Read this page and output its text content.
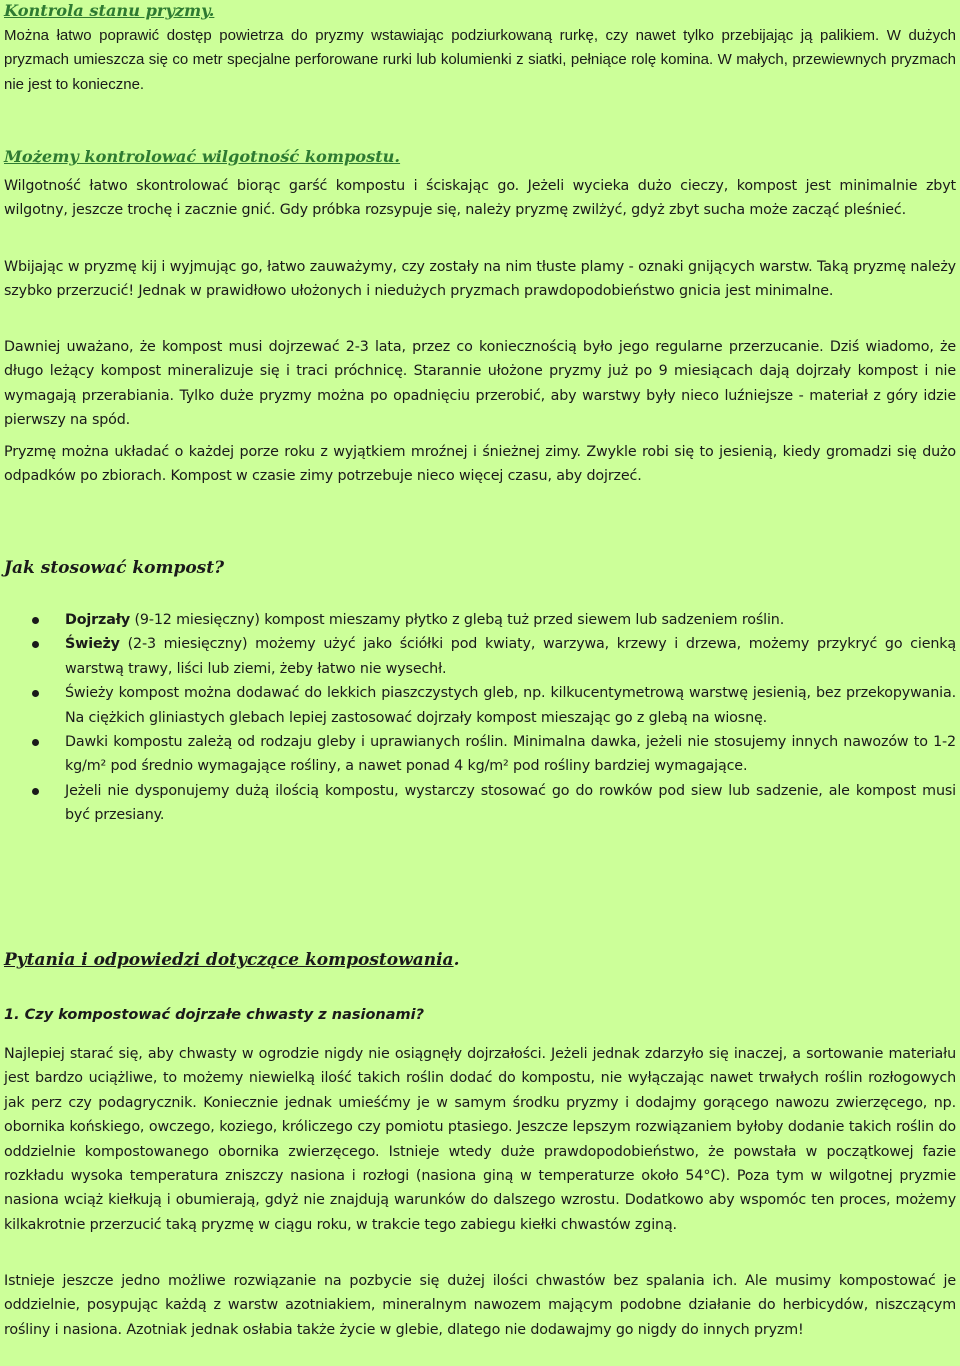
Kontrola stanu pryzmy.

Można łatwo poprawić dostęp powietrza do pryzmy wstawiając podziurkowaną rurkę, czy nawet tylko przebijając ją palikiem. W dużych pryzmach umieszcza się co metr specjalne perforowane rurki lub kolumienki z siatki, pełniące rolę komina. W małych, przewiewnych pryzmach nie jest to konieczne.

Możemy kontrolować wilgotność kompostu.

Wilgotność łatwo skontrolować biorąc garść kompostu i ściskając go. Jeżeli wycieka dużo cieczy, kompost jest minimalnie zbyt wilgotny, jeszcze trochę i zacznie gnić. Gdy próbka rozsypuje się, należy pryzmę zwilżyć, gdyż zbyt sucha może zacząć pleśnieć.

Wbijając w pryzmę kij i wyjmując go, łatwo zauważymy, czy zostały na nim tłuste plamy - oznaki gnijących warstw. Taką pryzmę należy szybko przerzucić! Jednak w prawidłowo ułożonych i niedużych pryzmach prawdopodobieństwo gnicia jest minimalne.

Dawniej uważano, że kompost musi dojrzewać 2-3 lata, przez co koniecznością było jego regularne przerzucanie. Dziś wiadomo, że długo leżący kompost mineralizuje się i traci próchnicę. Starannie ułożone pryzmy już po 9 miesiącach dają dojrzały kompost i nie wymagają przerabiania. Tylko duże pryzmy można po opadnięciu przerobić, aby warstwy były nieco luźniejsze - materiał z góry idzie pierwszy na spód.

Pryzmę można układać o każdej porze roku z wyjątkiem mroźnej i śnieżnej zimy. Zwykle robi się to jesienią, kiedy gromadzi się dużo odpadków po zbiorach. Kompost w czasie zimy potrzebuje nieco więcej czasu, aby dojrzeć.

Jak stosować kompost?
Dojrzały (9-12 miesięczny) kompost mieszamy płytko z glebą tuż przed siewem lub sadzeniem roślin.
Świeży (2-3 miesięczny) możemy użyć jako ściółki pod kwiaty, warzywa, krzewy i drzewa, możemy przykryć go cienką warstwą trawy, liści lub ziemi, żeby łatwo nie wysechł.
Świeży kompost można dodawać do lekkich piaszczystych gleb, np. kilkucentymetrową warstwę jesienią, bez przekopywania. Na ciężkich gliniastych glebach lepiej zastosować dojrzały kompost mieszając go z glebą na wiosnę.
Dawki kompostu zależą od rodzaju gleby i uprawianych roślin. Minimalna dawka, jeżeli nie stosujemy innych nawozów to 1-2 kg/m² pod średnio wymagające rośliny, a nawet ponad 4 kg/m² pod rośliny bardziej wymagające.
Jeżeli nie dysponujemy dużą ilością kompostu, wystarczy stosować go do rowków pod siew lub sadzenie, ale kompost musi być przesiany.
Pytania i odpowiedzi dotyczące kompostowania.

1. Czy kompostować dojrzałe chwasty z nasionami?

Najlepiej starać się, aby chwasty w ogrodzie nigdy nie osiągnęły dojrzałości. Jeżeli jednak zdarzyło się inaczej, a sortowanie materiału jest bardzo uciążliwe, to możemy niewielką ilość takich roślin dodać do kompostu, nie wyłączając nawet trwałych roślin rozłogowych jak perz czy podagrycznik. Koniecznie jednak umieśćmy je w samym środku pryzmy i dodajmy gorącego nawozu zwierzęcego, np. obornika końskiego, owczego, koziego, króliczego czy pomiotu ptasiego. Jeszcze lepszym rozwiązaniem byłoby dodanie takich roślin do oddzielnie kompostowanego obornika zwierzęcego. Istnieje wtedy duże prawdopodobieństwo, że powstała w początkowej fazie rozkładu wysoka temperatura zniszczy nasiona i rozłogi (nasiona giną w temperaturze około 54°C). Poza tym w wilgotnej pryzmie nasiona wciąż kiełkują i obumierają, gdyż nie znajdują warunków do dalszego wzrostu. Dodatkowo aby wspomóc ten proces, możemy kilkakrotnie przerzucić taką pryzmę w ciągu roku, w trakcie tego zabiegu kiełki chwastów zginą.

Istnieje jeszcze jedno możliwe rozwiązanie na pozbycie się dużej ilości chwastów bez spalania ich. Ale musimy kompostować je oddzielnie, posypując każdą z warstw azotniakiem, mineralnym nawozem mającym podobne działanie do herbicydów, niszczącym rośliny i nasiona. Azotniak jednak osłabia także życie w glebie, dlatego nie dodawajmy go nigdy do innych pryzm!
